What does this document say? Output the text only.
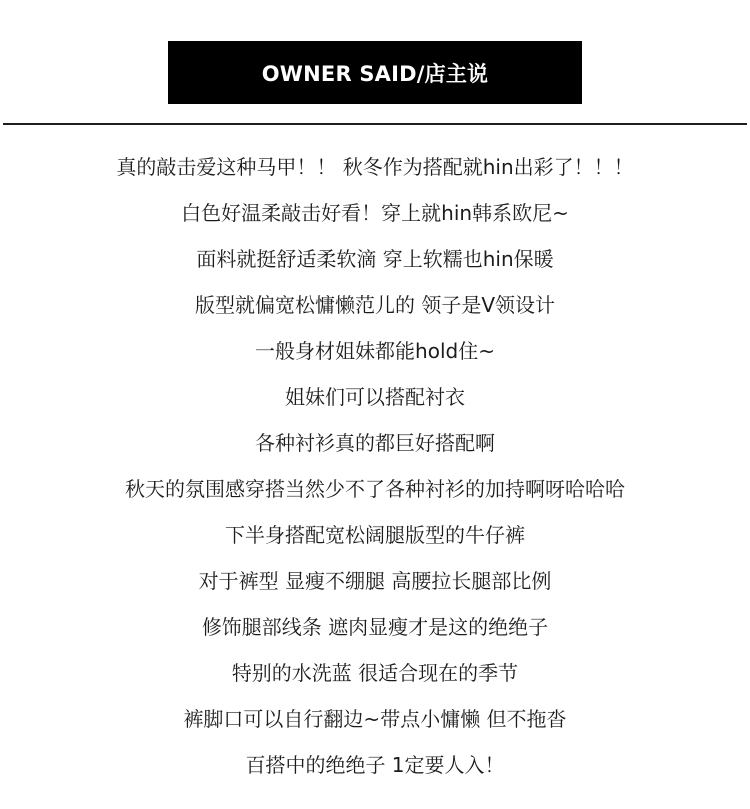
OWNER SAID/店主说
真的敲击爱这种马甲！！ 秋冬作为搭配就hin出彩了！！！
白色好温柔敲击好看！穿上就hin韩系欧尼~
面料就挺舒适柔软滴 穿上软糯也hin保暖
版型就偏宽松慵懒范儿的 领子是V领设计
一般身材姐妹都能hold住~
姐妹们可以搭配衬衣
各种衬衫真的都巨好搭配啊
秋天的氛围感穿搭当然少不了各种衬衫的加持啊呀哈哈哈
下半身搭配宽松阔腿版型的牛仔裤
对于裤型 显瘦不绷腿 高腰拉长腿部比例
修饰腿部线条 遮肉显瘦才是这的绝绝子
特别的水洗蓝 很适合现在的季节
裤脚口可以自行翻边~带点小慵懒 但不拖沓
百搭中的绝绝子 1定要人入！
